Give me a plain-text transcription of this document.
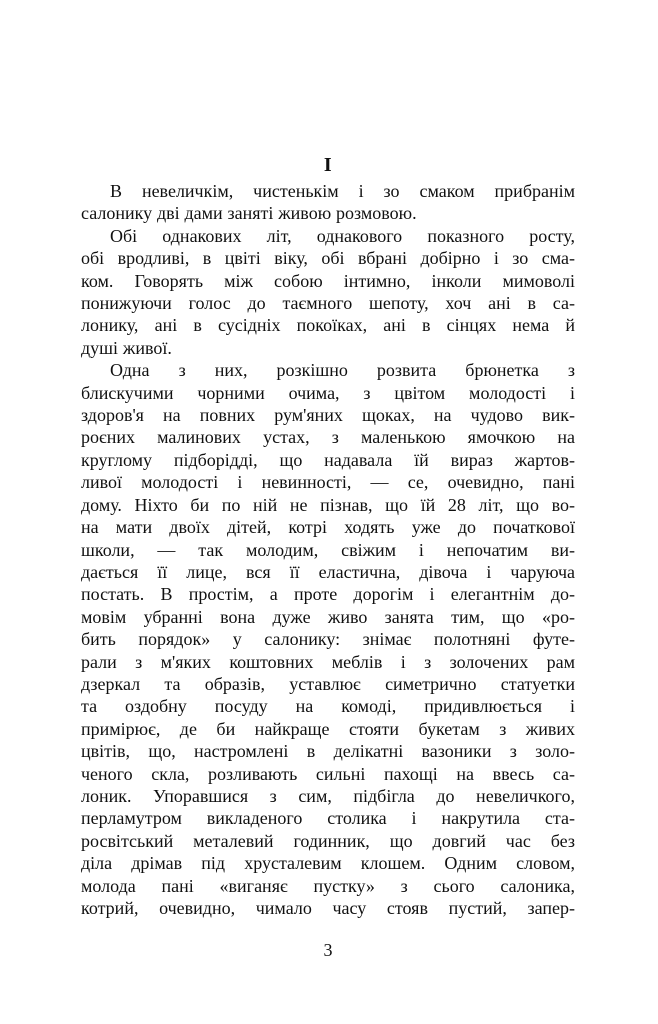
I
В невеличкім, чистенькім і зо смаком прибранім
салонику дві дами заняті живою розмовою.
Обі однакових літ, однакового показного росту,
обі вродливі, в цвіті віку, обі вбрані добірно і зо сма-
ком. Говорять між собою інтимно, інколи мимоволі
понижуючи голос до таємного шепоту, хоч ані в са-
лонику, ані в сусідніх покоїках, ані в сінцях нема й
душі живої.
Одна з них, розкішно розвита брюнетка з
блискучими чорними очима, з цвітом молодості і
здоров'я на повних рум'яних щоках, на чудово вик-
роєних малинових устах, з маленькою ямочкою на
круглому підборідді, що надавала їй вираз жартов-
ливої молодості і невинності, — се, очевидно, пані
дому. Ніхто би по ній не пізнав, що їй 28 літ, що во-
на мати двоїх дітей, котрі ходять уже до початкової
школи, — так молодим, свіжим і непочатим ви-
дається її лице, вся її еластична, дівоча і чаруюча
постать. В простім, а проте дорогім і елегантнім до-
мовім убранні вона дуже живо занята тим, що «ро-
бить порядок» у салонику: знімає полотняні футе-
рали з м'яких коштовних меблів і з золочених рам
дзеркал та образів, уставлює симетрично статуетки
та оздобну посуду на комоді, придивлюється і
примірює, де би найкраще стояти букетам з живих
цвітів, що, настромлені в делікатні вазоники з золо-
ченого скла, розливають сильні пахощі на ввесь са-
лоник. Упоравшися з сим, підбігла до невеличкого,
перламутром викладеного столика і накрутила ста-
росвітський металевий годинник, що довгий час без
діла дрімав під хрусталевим клошем. Одним словом,
молода пані «виганяє пустку» з сього салоника,
котрий, очевидно, чимало часу стояв пустий, запер-
3
